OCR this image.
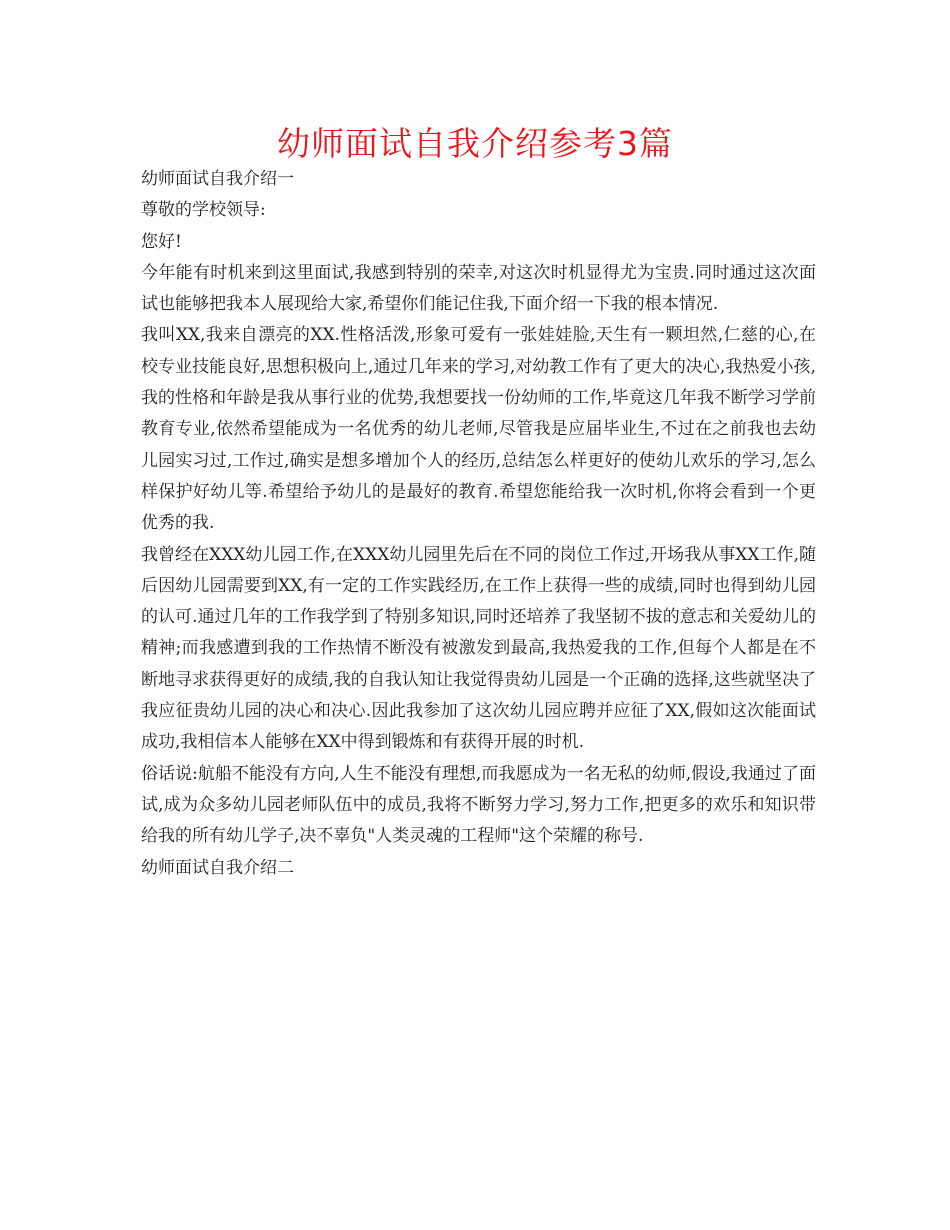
幼师面试自我介绍参考3篇

幼师面试自我介绍一

尊敬的学校领导:

您好!

今年能有时机来到这里面试,我感到特别的荣幸,对这次时机显得尤为宝贵.同时通过这次面试也能够把我本人展现给大家,希望你们能记住我,下面介绍一下我的根本情况.

我叫XX,我来自漂亮的XX.性格活泼,形象可爱有一张娃娃脸,天生有一颗坦然,仁慈的心,在校专业技能良好,思想积极向上,通过几年来的学习,对幼教工作有了更大的决心,我热爱小孩,我的性格和年龄是我从事行业的优势,我想要找一份幼师的工作,毕竟这几年我不断学习学前教育专业,依然希望能成为一名优秀的幼儿老师,尽管我是应届毕业生,不过在之前我也去幼儿园实习过,工作过,确实是想多增加个人的经历,总结怎么样更好的使幼儿欢乐的学习,怎么样保护好幼儿等.希望给予幼儿的是最好的教育.希望您能给我一次时机,你将会看到一个更优秀的我.

我曾经在XXX幼儿园工作,在XXX幼儿园里先后在不同的岗位工作过,开场我从事XX工作,随后因幼儿园需要到XX,有一定的工作实践经历,在工作上获得一些的成绩,同时也得到幼儿园的认可.通过几年的工作我学到了特别多知识,同时还培养了我坚韧不拔的意志和关爱幼儿的精神;而我感遭到我的工作热情不断没有被激发到最高,我热爱我的工作,但每个人都是在不断地寻求获得更好的成绩,我的自我认知让我觉得贵幼儿园是一个正确的选择,这些就坚决了我应征贵幼儿园的决心和决心.因此我参加了这次幼儿园应聘并应征了XX,假如这次能面试成功,我相信本人能够在XX中得到锻炼和有获得开展的时机.

俗话说:航船不能没有方向,人生不能没有理想,而我愿成为一名无私的幼师,假设,我通过了面试,成为众多幼儿园老师队伍中的成员,我将不断努力学习,努力工作,把更多的欢乐和知识带给我的所有幼儿学子,决不辜负"人类灵魂的工程师"这个荣耀的称号.

幼师面试自我介绍二
